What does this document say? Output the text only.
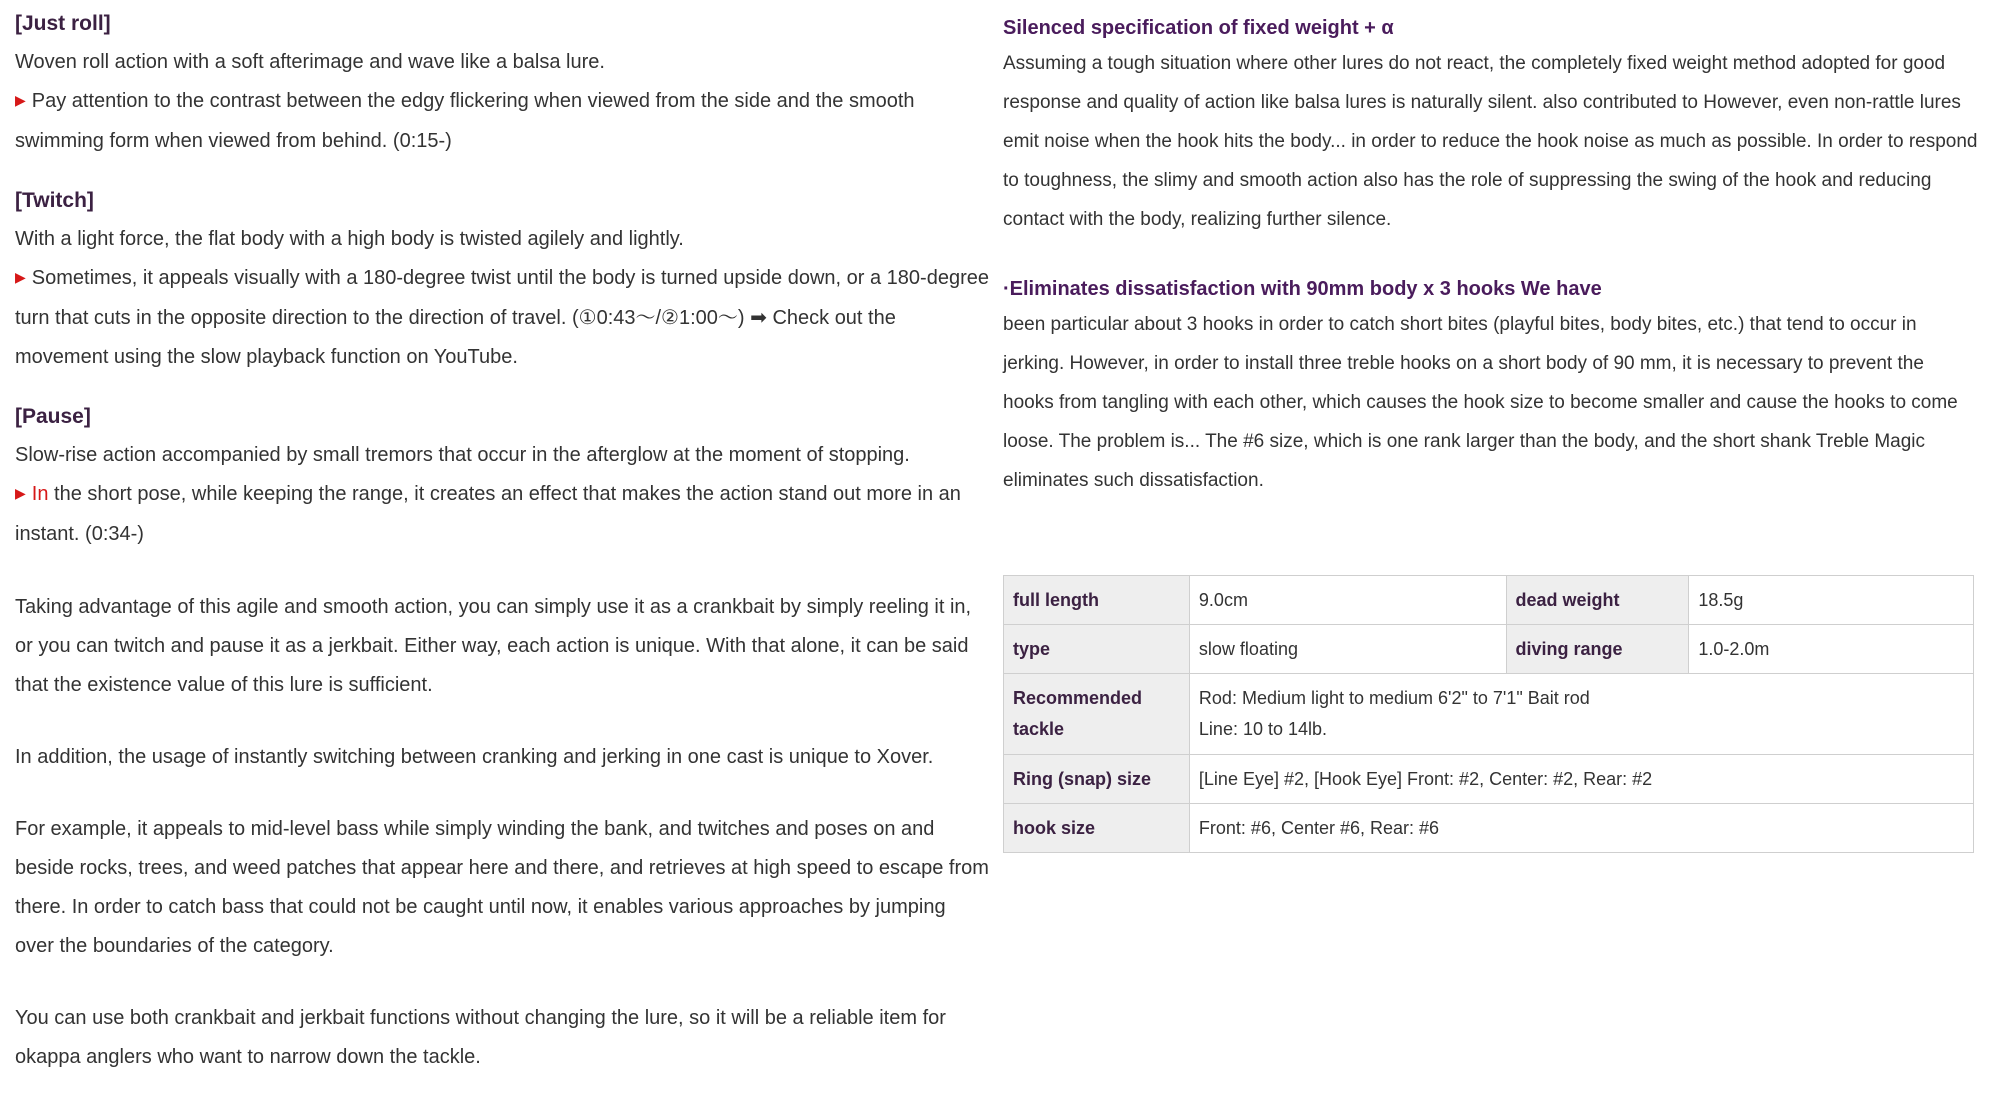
[Just roll]

Woven roll action with a soft afterimage and wave like a balsa lure.

▶ Pay attention to the contrast between the edgy flickering when viewed from the side and the smooth swimming form when viewed from behind. (0:15-)

[Twitch]

With a light force, the flat body with a high body is twisted agilely and lightly.

▶ Sometimes, it appeals visually with a 180-degree twist until the body is turned upside down, or a 180-degree turn that cuts in the opposite direction to the direction of travel. (①0:43〜/②1:00〜) ➡ Check out the movement using the slow playback function on YouTube.

[Pause]

Slow-rise action accompanied by small tremors that occur in the afterglow at the moment of stopping.

▶ In the short pose, while keeping the range, it creates an effect that makes the action stand out more in an instant. (0:34-)

Taking advantage of this agile and smooth action, you can simply use it as a crankbait by simply reeling it in, or you can twitch and pause it as a jerkbait. Either way, each action is unique. With that alone, it can be said that the existence value of this lure is sufficient.

In addition, the usage of instantly switching between cranking and jerking in one cast is unique to Xover.

For example, it appeals to mid-level bass while simply winding the bank, and twitches and poses on and beside rocks, trees, and weed patches that appear here and there, and retrieves at high speed to escape from there. In order to catch bass that could not be caught until now, it enables various approaches by jumping over the boundaries of the category.

You can use both crankbait and jerkbait functions without changing the lure, so it will be a reliable item for okappa anglers who want to narrow down the tackle.

Silenced specification of fixed weight + α

Assuming a tough situation where other lures do not react, the completely fixed weight method adopted for good response and quality of action like balsa lures is naturally silent. also contributed to However, even non-rattle lures emit noise when the hook hits the body... in order to reduce the hook noise as much as possible. In order to respond to toughness, the slimy and smooth action also has the role of suppressing the swing of the hook and reducing contact with the body, realizing further silence.

·Eliminates dissatisfaction with 90mm body x 3 hooks We have

been particular about 3 hooks in order to catch short bites (playful bites, body bites, etc.) that tend to occur in jerking. However, in order to install three treble hooks on a short body of 90 mm, it is necessary to prevent the hooks from tangling with each other, which causes the hook size to become smaller and cause the hooks to come loose. The problem is... The #6 size, which is one rank larger than the body, and the short shank Treble Magic eliminates such dissatisfaction.

full length	9.0cm	dead weight	18.5g
type	slow floating	diving range	1.0-2.0m
Recommended tackle	Rod: Medium light to medium 6'2" to 7'1" Bait rod
Line: 10 to 14lb.		

Ring (snap) size	[Line Eye] #2, [Hook Eye] Front: #2, Center: #2, Rear: #2		
hook size	Front: #6, Center #6, Rear: #6		
